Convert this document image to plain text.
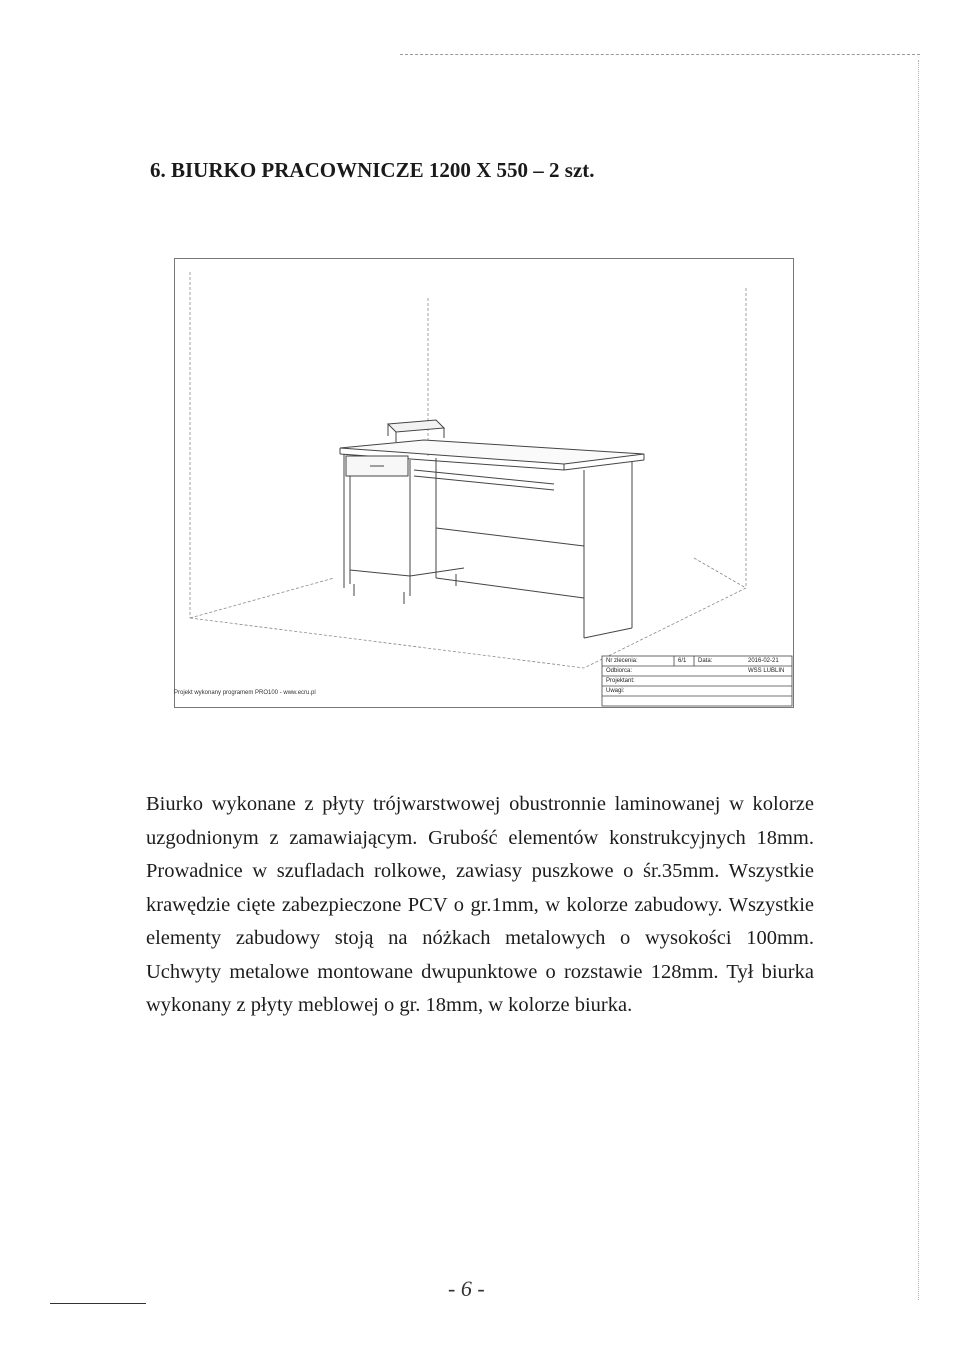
6. BIURKO PRACOWNICZE 1200 X 550 – 2 szt.
Nr zlecenia:	6/1 Data:	2016-02-21
Odbiorca:	WSS LUBLIN
Projektant:
Uwagi:
Projekt wykonany programem PRO100 - www.ecru.pl

Biurko wykonane z płyty trójwarstwowej obustronnie laminowanej w kolorze uzgodnionym z zamawiającym. Grubość elementów konstrukcyjnych 18mm. Prowadnice w szufladach rolkowe, zawiasy puszkowe o śr.35mm. Wszystkie krawędzie cięte zabezpieczone PCV o gr.1mm, w kolorze zabudowy. Wszystkie elementy zabudowy stoją na nóżkach metalowych o wysokości 100mm. Uchwyty metalowe montowane dwupunktowe o rozstawie 128mm. Tył biurka wykonany z płyty meblowej o gr. 18mm, w kolorze biurka.

- 6 -
